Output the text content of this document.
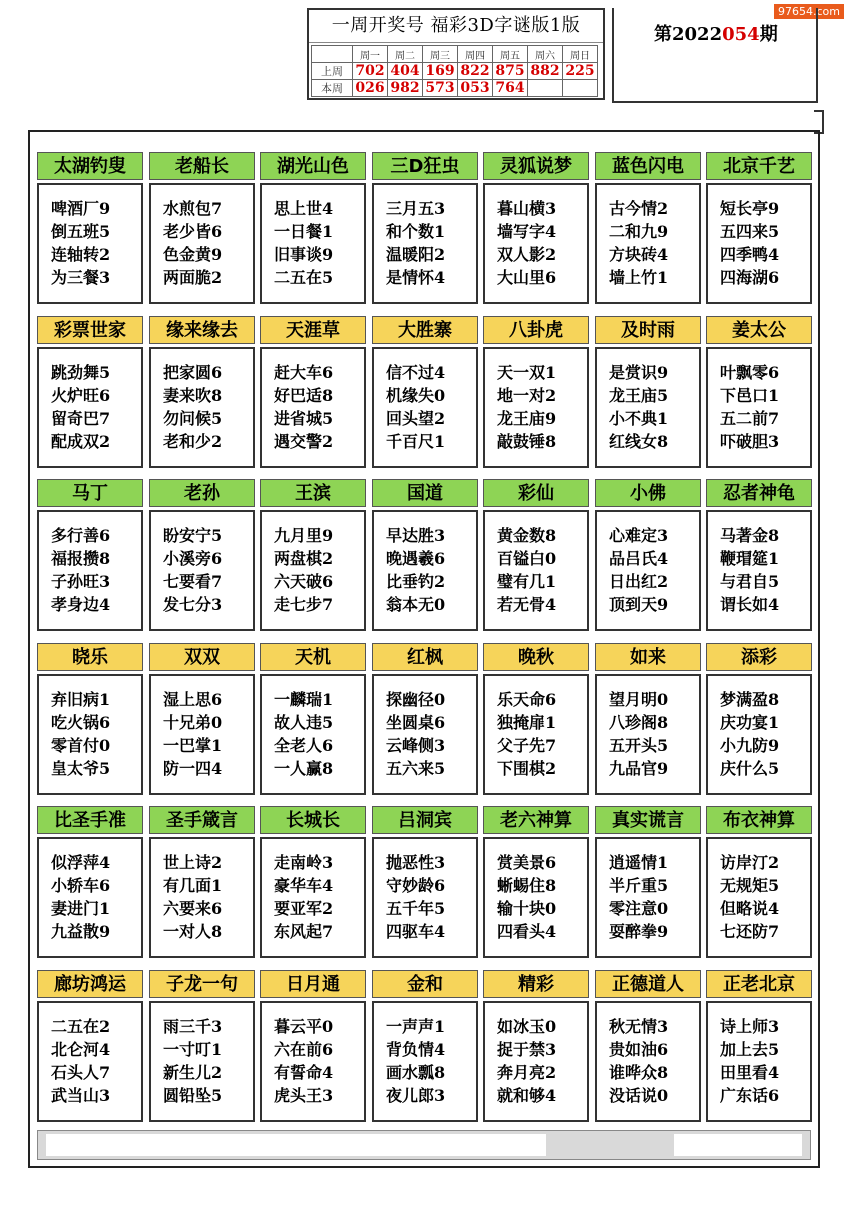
97654.com
一周开奖号 福彩3D字谜版1版
	周一	周二	周三	周四	周五	周六	周日
上周	702	404	169	822	875	882	225
本周	026	982	573	053	764		
第2022054期
太湖钓叟
啤酒厂9
倒五班5
连轴转2
为三餐3
老船长
水煎包7
老少皆6
色金黄9
两面脆2
湖光山色
思上世4
一日餐1
旧事谈9
二五在5
三D狂虫
三月五3
和个数1
温暖阳2
是情怀4
灵狐说梦
暮山横3
墙写字4
双人影2
大山里6
蓝色闪电
古今情2
二和九9
方块砖4
墙上竹1
北京千艺
短长亭9
五四来5
四季鸭4
四海湖6
彩票世家
跳劲舞5
火炉旺6
留奇巴7
配成双2
缘来缘去
把家圆6
妻来吹8
勿问候5
老和少2
天涯草
赶大车6
好巴适8
进省城5
遇交警2
大胜寨
信不过4
机缘失0
回头望2
千百尺1
八卦虎
天一双1
地一对2
龙王庙9
敲鼓锤8
及时雨
是赏识9
龙王庙5
小不典1
红线女8
姜太公
叶飘零6
下邑口1
五二前7
吓破胆3
马丁
多行善6
福报攒8
子孙旺3
孝身边4
老孙
盼安宁5
小溪旁6
七要看7
发七分3
王滨
九月里9
两盘棋2
六天破6
走七步7
国道
早达胜3
晚遇羲6
比垂钓2
翁本无0
彩仙
黄金数8
百镒白0
璧有几1
若无骨4
小佛
心难定3
品吕氏4
日出红2
顶到天9
忍者神龟
马著金8
鞭瑁筵1
与君自5
谓长如4
晓乐
弃旧病1
吃火锅6
零首付0
皇太爷5
双双
湿上思6
十兄弟0
一巴掌1
防一四4
天机
一麟瑞1
故人违5
全老人6
一人赢8
红枫
探幽径0
坐圆桌6
云峰侧3
五六来5
晚秋
乐天命6
独掩扉1
父子先7
下围棋2
如来
望月明0
八珍阁8
五开头5
九品官9
添彩
梦满盈8
庆功宴1
小九防9
庆什么5
比圣手准
似浮萍4
小轿车6
妻进门1
九益散9
圣手箴言
世上诗2
有几面1
六要来6
一对人8
长城长
走南岭3
豪华车4
要亚军2
东风起7
吕洞宾
抛恶性3
守妙龄6
五千年5
四驱车4
老六神算
赏美景6
蜥蜴住8
输十块0
四看头4
真实谎言
逍遥情1
半斤重5
零注意0
耍醉拳9
布衣神算
访岸汀2
无规矩5
但略说4
七还防7
廊坊鸿运
二五在2
北仑河4
石头人7
武当山3
子龙一句
雨三千3
一寸叮1
新生儿2
圆铅坠5
日月通
暮云平0
六在前6
有誓命4
虎头王3
金和
一声声1
背负情4
画水瓢8
夜儿郎3
精彩
如冰玉0
捉于禁3
奔月亮2
就和够4
正德道人
秋无情3
贵如油6
谁哗众8
没话说0
正老北京
诗上师3
加上去5
田里看4
广东话6
